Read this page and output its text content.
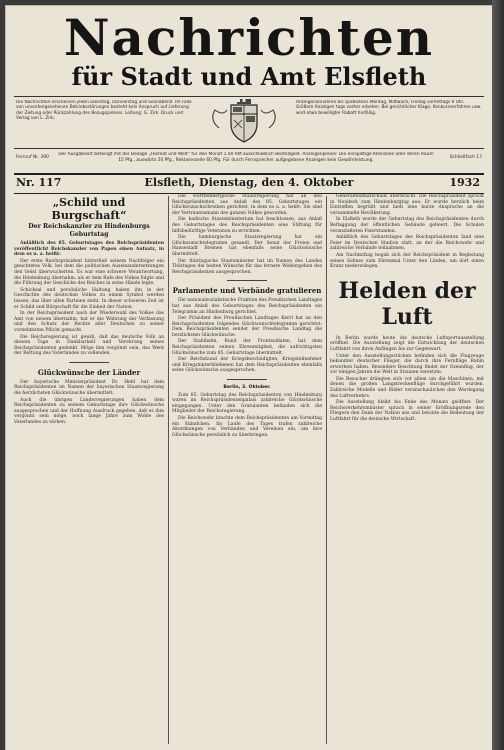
Nachrichten
für Stadt und Amt Elsfleth
Die Nachrichten erscheinen jeden Dienstag, Donnerstag und Sonnabend. Im Falle von unvorhergesehenen Betriebsstörungen besteht kein Anspruch auf Lieferung der Zeitung oder Rückzahlung des Bezugspreises. Leitung: G. Zirk. Druck und Verlag von L. Zirk.
Anzeigenannahme bis spätestens Montag, Mittwoch, Freitag vormittags 9 Uhr. Größere Anzeigen tags vorher erbeten. Bei gerichtlicher Klage, Konkursverfahren usw. wird etwa bewilligter Rabatt hinfällig.
Fernruf Nr. 390
Der Ausgabeort beteiligt mit der Beilage „Heimat und Welt“ für den Monat 1.00 RM ausschließlich Bestellgeld. Anzeigenpreise: Die einspaltige Kleinzeile oder deren Raum 15 Pfg., auswärts 20 Pfg., Reklamezeile 60 Pfg. Für durch Fernsprecher aufgegebene Anzeigen kein Gewährleistung.	Schließfach 17
Nr. 117	Elsfleth, Dienstag, den 4. Oktober	1932
„Schild und Burgschaft“
Der Reichskanzler zu Hindenburgs Geburtstag

Anläßlich des 85. Geburtstages des Reichspräsidenten veröffentlicht Reichskanzler von Papen einen Aufsatz, in dem es u. a. heißt:

Der erste Reichspräsident hinterließ seinem Nachfolger ein gesichtetes Volk, bei dem die politischen Auseinandersetzungen den Geist überwucherten. Es war eine schwere Verantwortung, die Hindenburg übernahm, als er dem Rufe des Volkes folgte und die Führung der Geschicke des Reiches in seine Hände legte.

Schicksal und persönliche Haltung haben ihn in der Geschichte des deutschen Volkes zu einem Symbol werden lassen, das über allen Parteien steht. In dieser schweren Zeit ist er Schild und Bürgschaft für die Einheit der Nation.

In der Reichspräsident nach der Wiederwahl des Volkes das Amt von neuem übernahm, hat er die Wahrung der Verfassung und den Schutz der Rechte aller Deutschen zu seiner vornehmsten Pflicht gemacht.

Die Reichsregierung ist gewiß, daß das deutsche Volk an diesem Tage in Dankbarkeit und Verehrung seines Reichspräsidenten gedenkt. Möge ihm vergönnt sein, das Werk der Rettung des Vaterlandes zu vollenden.

Glückwünsche der Länder

Der bayerische Ministerpräsident Dr. Held hat dem Reichspräsidenten im Namen der bayerischen Staatsregierung die herzlichsten Glückwünsche übermittelt.

Auch die übrigen Länderregierungen haben dem Reichspräsidenten zu seinem Geburtstage ihre Glückwünsche ausgesprochen und der Hoffnung Ausdruck gegeben, daß es ihm vergönnt sein möge, noch lange Jahre zum Wohle des Vaterlandes zu wirken.

Die württembergische Staatsregierung hat an den Reichspräsidenten aus Anlaß des 85. Geburtstages ein Glückwunschschreiben gerichtet, in dem es u. a. heißt: Sie sind der Vertrauensmann des ganzen Volkes geworden.

Die badische Staatsministerium hat beschlossen, aus Anlaß des Geburtstages des Reichspräsidenten eine Stiftung für hilfsbedürftige Veteranen zu errichten.

Die hamburgische Staatsregierung hat ein Glückwunschtelegramm gesandt. Der Senat der Freien und Hansestadt Bremen hat ebenfalls seine Glückwünsche übermittelt.

Der thüringische Staatsminister hat im Namen des Landes Thüringen die besten Wünsche für das fernere Wohlergehen des Reichspräsidenten ausgesprochen.

Parlamente und Verbände gratulieren

Die nationalsozialistische Fraktion des Preußischen Landtages hat aus Anlaß des Geburtstages des Reichspräsidenten ein Telegramm an Hindenburg gerichtet.

Der Präsident des Preußischen Landtages Kerrl hat an den Reichspräsidenten folgendes Glückwunschtelegramm gerichtet: Dem Reichspräsidenten sendet der Preußische Landtag die herzlichsten Glückwünsche.

Der Stahlhelm, Bund der Frontsoldaten, hat dem Reichspräsidenten seinen Ehrenmitglied, die aufrichtigsten Glückwünsche zum 85. Geburtstage übermittelt.

Der Reichsbund der Kriegsbeschädigten, Kriegsteilnehmer und Kriegshinterbliebenen hat dem Reichspräsidenten ebenfalls seine Glückwünsche ausgesprochen.

Berlin, 3. Oktober.

Zum 85. Geburtstag des Reichspräsidenten von Hindenburg waren im Reichspräsidentenpalais zahlreiche Glückwünsche eingegangen. Unter den Gratulanten befanden sich die Mitglieder der Reichsregierung.

Die Reichswehr brachte dem Reichspräsidenten am Vormittag ein Ständchen. Im Laufe des Tages trafen zahlreiche Abordnungen von Verbänden und Vereinen ein, um ihre Glückwünsche persönlich zu überbringen.

Generalfeldmarschalls überbracht. Die Reichspräsident spricht in Neudeck zum Hindenburgtag aus: Er wurde herzlich beim Eintreffen begrüßt und hielt eine kurze Ansprache an die versammelte Bevölkerung.

In Elsfleth wurde der Geburtstag des Reichspräsidenten durch Beflaggung der öffentlichen Gebäude gefeiert. Die Schulen veranstalteten Feierstunden.

Anläßlich des Geburtstages des Reichspräsidenten fand eine Feier im Deutschen Stadion statt, an der die Reichswehr und zahlreiche Verbände teilnahmen.

Am Nachmittag begab sich der Reichspräsident in Begleitung seines Sohnes zum Ehrenmal Unter den Linden, um dort einen Kranz niederzulegen.

Helden der Luft

In Berlin wurde heute die deutsche Luftsportausstellung eröffnet. Die Ausstellung zeigt die Entwicklung der deutschen Luftfahrt von ihren Anfängen bis zur Gegenwart.

Unter den Ausstellungsstücken befinden sich die Flugzeuge bekannter deutscher Flieger, die durch ihre Fernflüge Ruhm erworben haben. Besondere Beachtung findet der Ozeanflug, der vor einigen Jahren die Welt in Staunen versetzte.

Die Besucher drängten sich vor allem um die Maschinen, mit denen die großen Langstreckenflüge durchgeführt wurden. Zahlreiche Modelle und Bilder veranschaulichen den Werdegang des Luftverkehrs.

Die Ausstellung bleibt bis Ende des Monats geöffnet. Der Reichsverkehrsminister sprach in seiner Eröffnungsrede den Fliegern den Dank der Nation aus und betonte die Bedeutung der Luftfahrt für die deutsche Wirtschaft.
